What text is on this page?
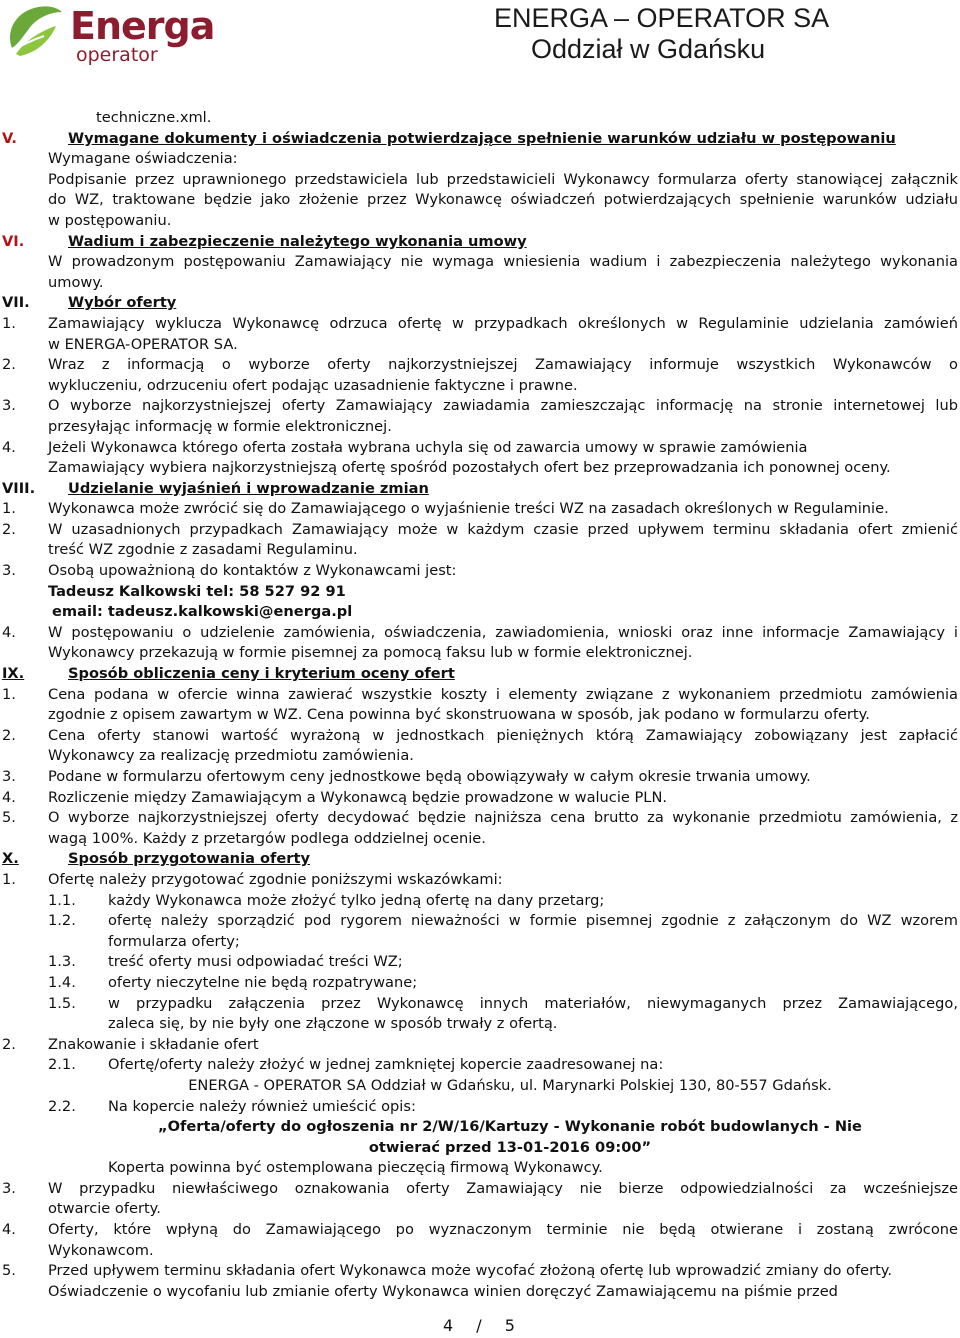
Energa
operator
ENERGA – OPERATOR SA
Oddział w Gdańsku
techniczne.xml.
V.	Wymagane dokumenty i oświadczenia potwierdzające spełnienie warunków udziału w postępowaniu
Wymagane oświadczenia:
Podpisanie przez uprawnionego przedstawiciela lub przedstawicieli Wykonawcy formularza oferty stanowiącej załącznik
do WZ, traktowane będzie jako złożenie przez Wykonawcę oświadczeń potwierdzających spełnienie warunków udziału
w postępowaniu.
VI.	Wadium i zabezpieczenie należytego wykonania umowy
W prowadzonym postępowaniu Zamawiający nie wymaga wniesienia wadium i zabezpieczenia należytego wykonania
umowy.
VII.	Wybór oferty
1. Zamawiający wyklucza Wykonawcę odrzuca ofertę w przypadkach określonych w Regulaminie udzielania zamówień
w ENERGA-OPERATOR SA.
2. Wraz z informacją o wyborze oferty najkorzystniejszej Zamawiający informuje wszystkich Wykonawców o
wykluczeniu, odrzuceniu ofert podając uzasadnienie faktyczne i prawne.
3. O wyborze najkorzystniejszej oferty Zamawiający zawiadamia zamieszczając informację na stronie internetowej lub
przesyłając informację w formie elektronicznej.
4. Jeżeli Wykonawca którego oferta została wybrana uchyla się od zawarcia umowy w sprawie zamówienia
Zamawiający wybiera najkorzystniejszą ofertę spośród pozostałych ofert bez przeprowadzania ich ponownej oceny.
VIII. Udzielanie wyjaśnień i wprowadzanie zmian
1. Wykonawca może zwrócić się do Zamawiającego o wyjaśnienie treści WZ na zasadach określonych w Regulaminie.
2. W uzasadnionych przypadkach Zamawiający może w każdym czasie przed upływem terminu składania ofert zmienić
treść WZ zgodnie z zasadami Regulaminu.
3. Osobą upoważnioną do kontaktów z Wykonawcami jest:
Tadeusz Kalkowski tel: 58 527 92 91
email: tadeusz.kalkowski@energa.pl
4. W postępowaniu o udzielenie zamówienia, oświadczenia, zawiadomienia, wnioski oraz inne informacje Zamawiający i
Wykonawcy przekazują w formie pisemnej za pomocą faksu lub w formie elektronicznej.
IX.	Sposób obliczenia ceny i kryterium oceny ofert
1. Cena podana w ofercie winna zawierać wszystkie koszty i elementy związane z wykonaniem przedmiotu zamówienia
zgodnie z opisem zawartym w WZ. Cena powinna być skonstruowana w sposób, jak podano w formularzu oferty.
2. Cena oferty stanowi wartość wyrażoną w jednostkach pieniężnych którą Zamawiający zobowiązany jest zapłacić
Wykonawcy za realizację przedmiotu zamówienia.
3. Podane w formularzu ofertowym ceny jednostkowe będą obowiązywały w całym okresie trwania umowy.
4. Rozliczenie między Zamawiającym a Wykonawcą będzie prowadzone w walucie PLN.
5. O wyborze najkorzystniejszej oferty decydować będzie najniższa cena brutto za wykonanie przedmiotu zamówienia, z
wagą 100%. Każdy z przetargów podlega oddzielnej ocenie.
X.	Sposób przygotowania oferty
1. Ofertę należy przygotować zgodnie poniższymi wskazówkami:
1.1. każdy Wykonawca może złożyć tylko jedną ofertę na dany przetarg;
1.2. ofertę należy sporządzić pod rygorem nieważności w formie pisemnej zgodnie z załączonym do WZ wzorem
formularza oferty;
1.3. treść oferty musi odpowiadać treści WZ;
1.4. oferty nieczytelne nie będą rozpatrywane;
1.5. w przypadku załączenia przez Wykonawcę innych materiałów, niewymaganych przez Zamawiającego,
zaleca się, by nie były one złączone w sposób trwały z ofertą.
2. Znakowanie i składanie ofert
2.1. Ofertę/oferty należy złożyć w jednej zamkniętej kopercie zaadresowanej na:
ENERGA - OPERATOR SA Oddział w Gdańsku, ul. Marynarki Polskiej 130, 80-557 Gdańsk.
2.2. Na kopercie należy również umieścić opis:
„Oferta/oferty do ogłoszenia nr 2/W/16/Kartuzy - Wykonanie robót budowlanych - Nie
otwierać przed 13-01-2016 09:00”
Koperta powinna być ostemplowana pieczęcią firmową Wykonawcy.
3. W przypadku niewłaściwego oznakowania oferty Zamawiający nie bierze odpowiedzialności za wcześniejsze
otwarcie oferty.
4. Oferty, które wpłyną do Zamawiającego po wyznaczonym terminie nie będą otwierane i zostaną zwrócone
Wykonawcom.
5. Przed upływem terminu składania ofert Wykonawca może wycofać złożoną ofertę lub wprowadzić zmiany do oferty.
Oświadczenie o wycofaniu lub zmianie oferty Wykonawca winien doręczyć Zamawiającemu na piśmie przed
4 / 5
